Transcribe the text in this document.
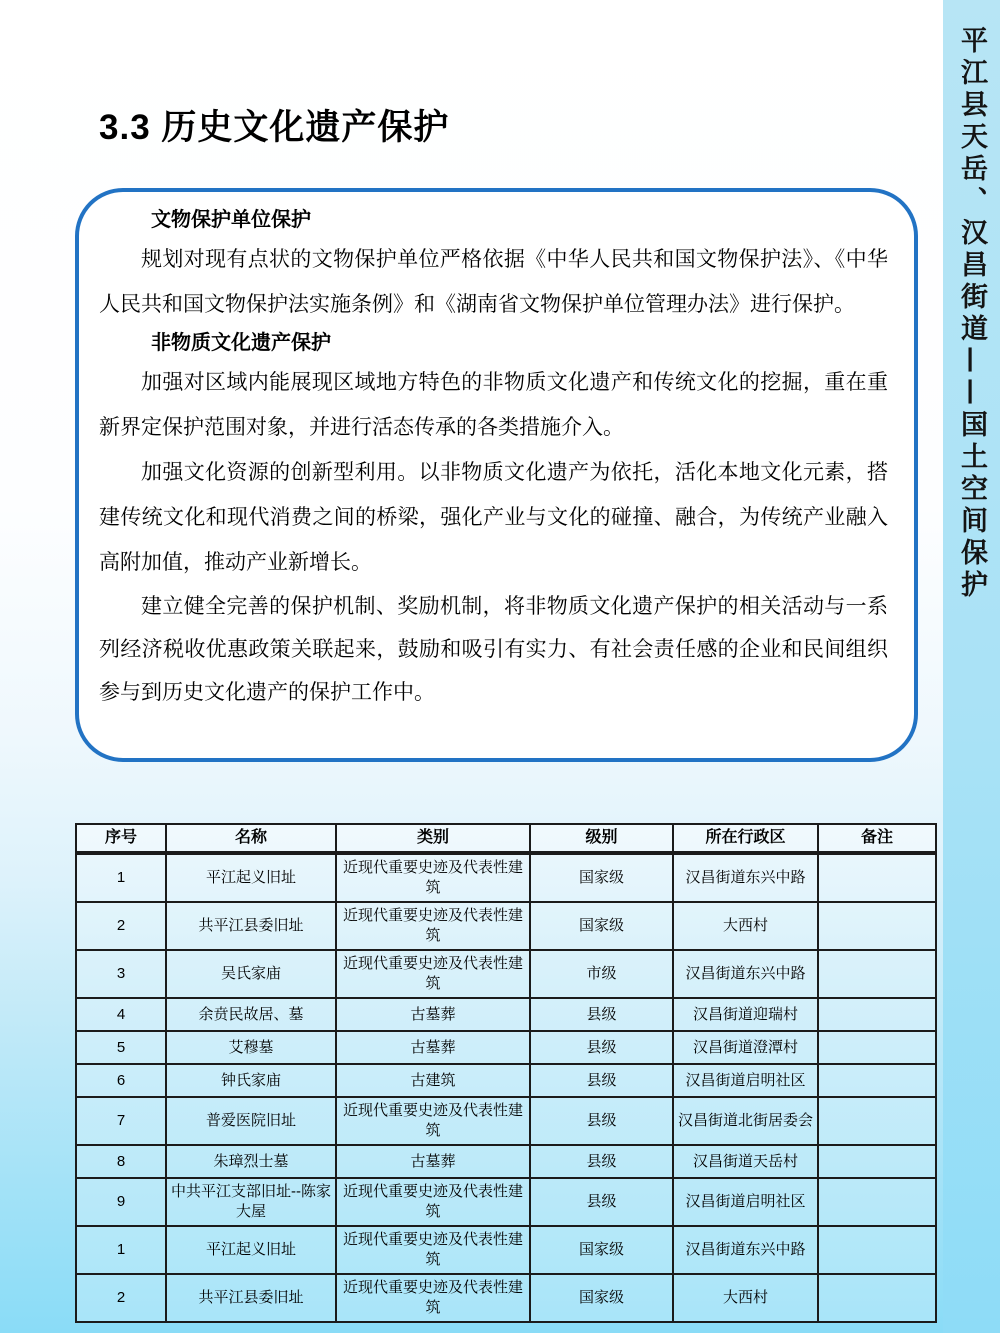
平江县天岳、汉昌街道——国土空间保护
3.3 历史文化遗产保护

文物保护单位保护

规划对现有点状的文物保护单位严格依据《中华人民共和国文物保护法》、《中华人民共和国文物保护法实施条例》和《湖南省文物保护单位管理办法》进行保护。

非物质文化遗产保护

加强对区域内能展现区域地方特色的非物质文化遗产和传统文化的挖掘，重在重新界定保护范围对象，并进行活态传承的各类措施介入。

加强文化资源的创新型利用。以非物质文化遗产为依托，活化本地文化元素，搭建传统文化和现代消费之间的桥梁，强化产业与文化的碰撞、融合，为传统产业融入高附加值，推动产业新增长。

建立健全完善的保护机制、奖励机制，将非物质文化遗产保护的相关活动与一系列经济税收优惠政策关联起来，鼓励和吸引有实力、有社会责任感的企业和民间组织参与到历史文化遗产的保护工作中。

序号	名称	类别	级别	所在行政区	备注
1	平江起义旧址	近现代重要史迹及代表性建筑	国家级	汉昌街道东兴中路	
2	共平江县委旧址	近现代重要史迹及代表性建筑	国家级	大西村	
3	吴氏家庙	近现代重要史迹及代表性建筑	市级	汉昌街道东兴中路	
4	余贲民故居、墓	古墓葬	县级	汉昌街道迎瑞村	
5	艾穆墓	古墓葬	县级	汉昌街道澄潭村	
6	钟氏家庙	古建筑	县级	汉昌街道启明社区	
7	普爱医院旧址	近现代重要史迹及代表性建筑	县级	汉昌街道北街居委会	
8	朱璋烈士墓	古墓葬	县级	汉昌街道天岳村	
9	中共平江支部旧址--陈家大屋	近现代重要史迹及代表性建筑	县级	汉昌街道启明社区	
1	平江起义旧址	近现代重要史迹及代表性建筑	国家级	汉昌街道东兴中路	
2	共平江县委旧址	近现代重要史迹及代表性建筑	国家级	大西村	
